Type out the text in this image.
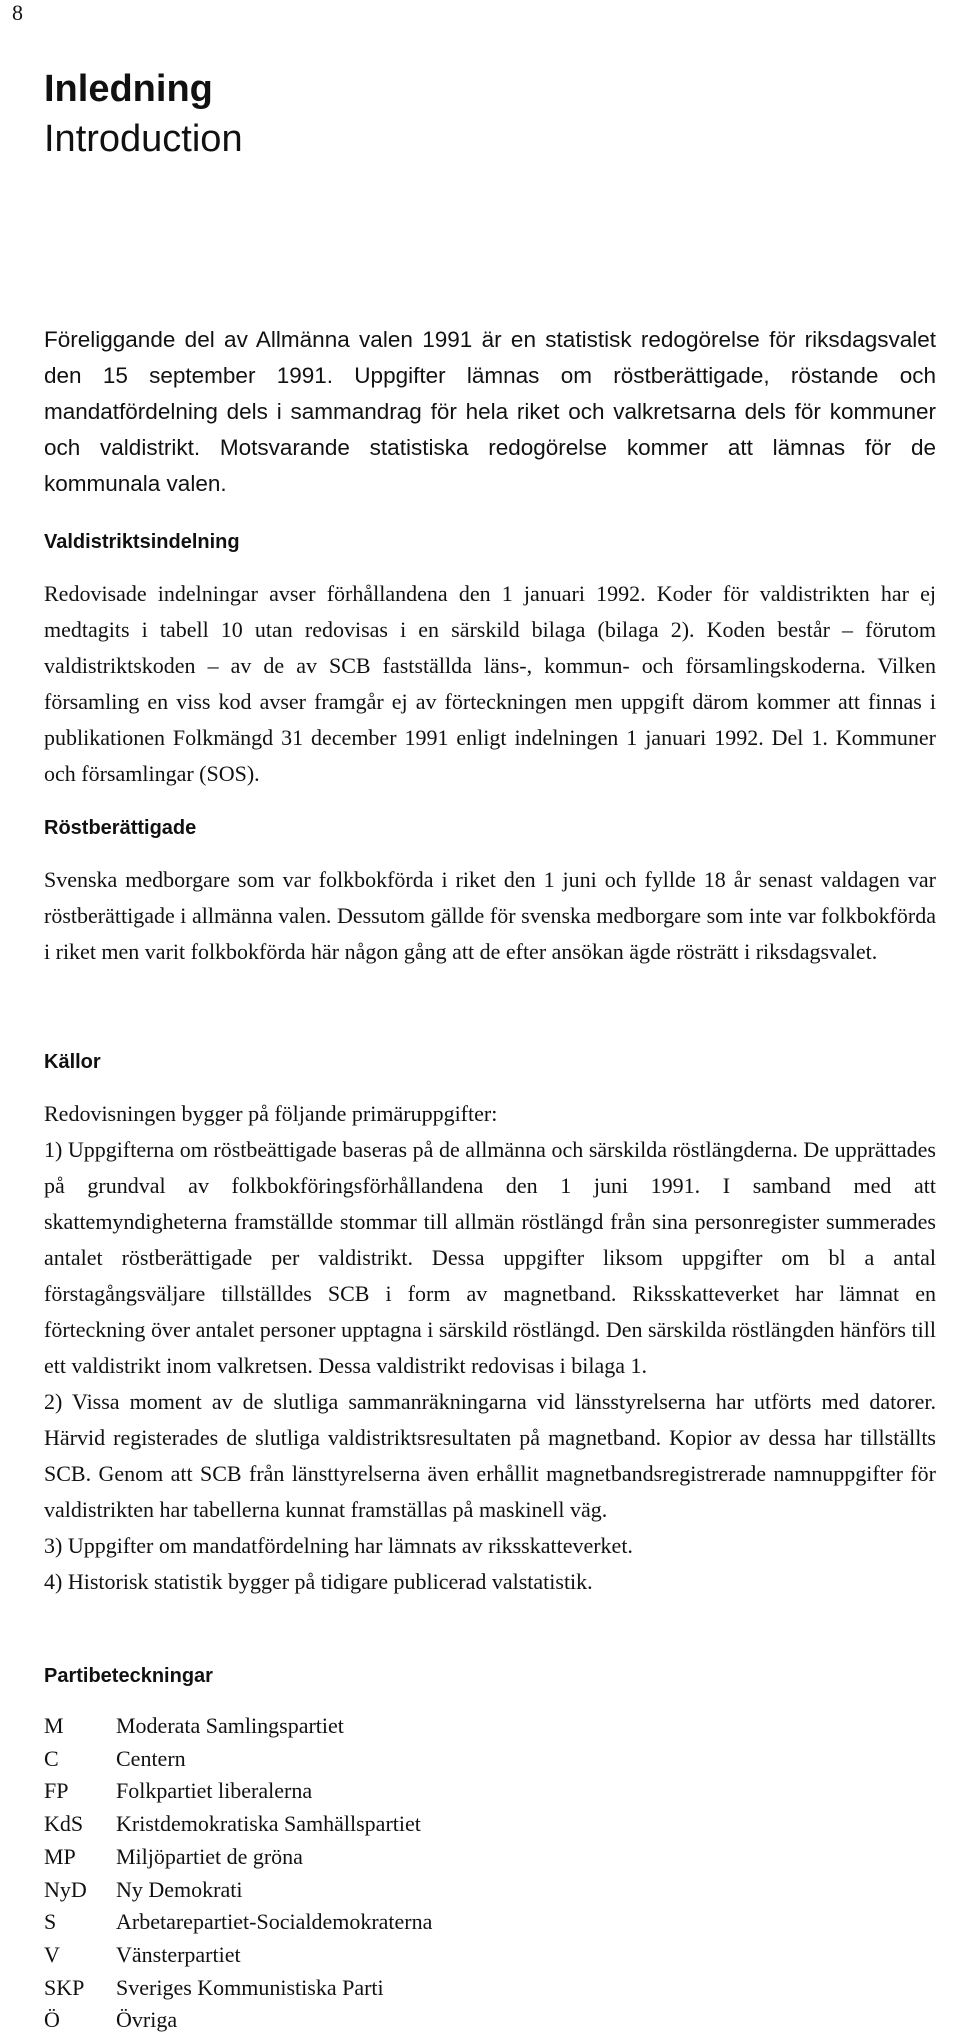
8
Inledning
Introduction
Föreliggande del av Allmänna valen 1991 är en statistisk redogörelse för riksdagsvalet den 15 september 1991. Uppgifter lämnas om röstberättigade, röstande och mandatfördelning dels i sammandrag för hela riket och valkretsarna dels för kommuner och valdistrikt. Motsvarande statistiska redogörelse kommer att lämnas för de kommunala valen.
Valdistriktsindelning
Redovisade indelningar avser förhållandena den 1 januari 1992. Koder för valdistrikten har ej medtagits i tabell 10 utan redovisas i en särskild bilaga (bilaga 2). Koden består – förutom valdistriktskoden – av de av SCB fastställda läns-, kommun- och församlingskoderna. Vilken församling en viss kod avser framgår ej av förteckningen men uppgift därom kommer att finnas i publikationen Folkmängd 31 december 1991 enligt indelningen 1 januari 1992. Del 1. Kommuner och församlingar (SOS).
Röstberättigade
Svenska medborgare som var folkbokförda i riket den 1 juni och fyllde 18 år senast valdagen var röstberättigade i allmänna valen. Dessutom gällde för svenska medborgare som inte var folkbokförda i riket men varit folkbokförda här någon gång att de efter ansökan ägde rösträtt i riksdagsvalet.
Källor

Redovisningen bygger på följande primäruppgifter:

1) Uppgifterna om röstbeättigade baseras på de allmänna och särskilda röstlängderna. De upprättades på grundval av folkbokföringsförhållandena den 1 juni 1991. I samband med att skattemyndigheterna framställde stommar till allmän röstlängd från sina personregister summerades antalet röstberättigade per valdistrikt. Dessa uppgifter liksom uppgifter om bl a antal förstagångsväljare tillställdes SCB i form av magnetband. Riksskatteverket har lämnat en förteckning över antalet personer upptagna i särskild röstlängd. Den särskilda röstlängden hänförs till ett valdistrikt inom valkretsen. Dessa valdistrikt redovisas i bilaga 1.

2) Vissa moment av de slutliga sammanräkningarna vid länsstyrelserna har utförts med datorer. Härvid registerades de slutliga valdistriktsresultaten på magnetband. Kopior av dessa har tillställts SCB. Genom att SCB från länsttyrelserna även erhållit magnetbandsregistrerade namnuppgifter för valdistrikten har tabellerna kunnat framställas på maskinell väg.

3) Uppgifter om mandatfördelning har lämnats av riksskatteverket.

4) Historisk statistik bygger på tidigare publicerad valstatistik.

Partibeteckningar
M	Moderata Samlingspartiet
C	Centern
FP	Folkpartiet liberalerna
KdS	Kristdemokratiska Samhällspartiet
MP	Miljöpartiet de gröna
NyD	Ny Demokrati
S	Arbetarepartiet-Socialdemokraterna
V	Vänsterpartiet
SKP	Sveriges Kommunistiska Parti
Ö	Övriga
